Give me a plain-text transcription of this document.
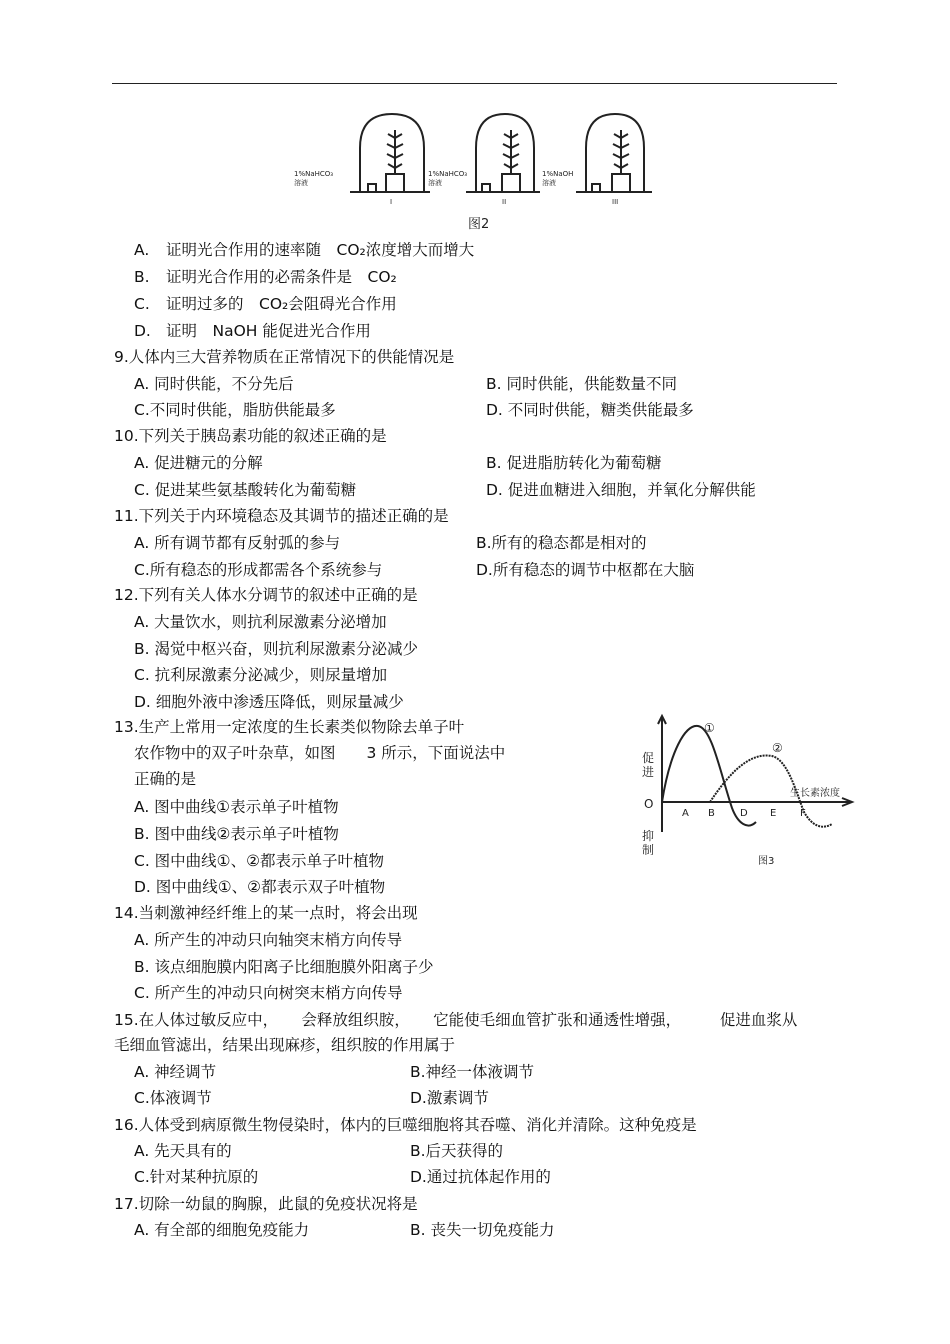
1%NaHCO₃ 溶液
1%NaHCO₃ 溶液
1%NaOH 溶液
I	II	III
图2
A. 证明光合作用的速率随　CO₂浓度增大而增大
B. 证明光合作用的必需条件是　CO₂
C. 证明过多的　CO₂会阻碍光合作用
D. 证明　NaOH 能促进光合作用
9.人体内三大营养物质在正常情况下的供能情况是
A. 同时供能，不分先后	B. 同时供能，供能数量不同
C.不同时供能，脂肪供能最多	D. 不同时供能，糖类供能最多
10.下列关于胰岛素功能的叙述正确的是
A. 促进糖元的分解	B. 促进脂肪转化为葡萄糖
C. 促进某些氨基酸转化为葡萄糖	D. 促进血糖进入细胞，并氧化分解供能
11.下列关于内环境稳态及其调节的描述正确的是
A. 所有调节都有反射弧的参与	B.所有的稳态都是相对的
C.所有稳态的形成都需各个系统参与	D.所有稳态的调节中枢都在大脑
12.下列有关人体水分调节的叙述中正确的是
A. 大量饮水，则抗利尿激素分泌增加
B. 渴觉中枢兴奋，则抗利尿激素分泌减少
C. 抗利尿激素分泌减少，则尿量增加
D. 细胞外液中渗透压降低，则尿量减少
13.生产上常用一定浓度的生长素类似物除去单子叶
农作物中的双子叶杂草，如图　　3 所示，下面说法中
正确的是
A. 图中曲线①表示单子叶植物
B. 图中曲线②表示单子叶植物
C. 图中曲线①、②都表示单子叶植物
D. 图中曲线①、②都表示双子叶植物
促进
抑制
O
生长素浓度
A B	D E F
①
②
图3
14.当刺激神经纤维上的某一点时，将会出现
A. 所产生的冲动只向轴突末梢方向传导
B. 该点细胞膜内阳离子比细胞膜外阳离子少
C. 所产生的冲动只向树突末梢方向传导
15.在人体过敏反应中，　　会释放组织胺，　　它能使毛细血管扩张和通透性增强，　　　促进血浆从
毛细血管滤出，结果出现麻疹，组织胺的作用属于
A. 神经调节	B.神经一体液调节
C.体液调节	D.激素调节
16.人体受到病原微生物侵染时，体内的巨噬细胞将其吞噬、消化并清除。这种免疫是
A. 先天具有的	B.后天获得的
C.针对某种抗原的	D.通过抗体起作用的
17.切除一幼鼠的胸腺，此鼠的免疫状况将是
A. 有全部的细胞免疫能力	B. 丧失一切免疫能力
